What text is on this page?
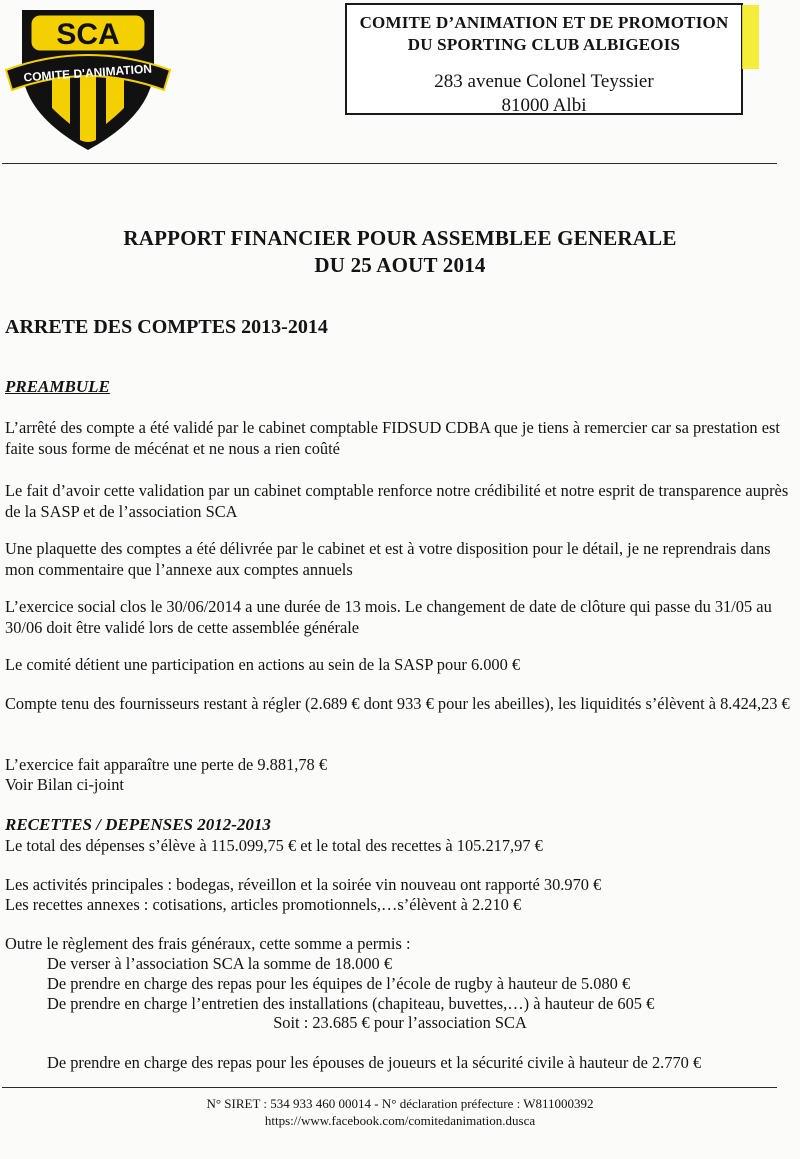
SCA
COMITE D'ANIMATION
COMITE D’ANIMATION ET DE PROMOTION
DU SPORTING CLUB ALBIGEOIS
283 avenue Colonel Teyssier
81000 Albi
RAPPORT FINANCIER POUR ASSEMBLEE GENERALE
DU 25 AOUT 2014
ARRETE DES COMPTES 2013-2014
PREAMBULE
L’arrêté des compte a été validé par le cabinet comptable FIDSUD CDBA que je tiens à remercier car sa prestation est faite sous forme de mécénat et ne nous a rien coûté
Le fait d’avoir cette validation par un cabinet comptable renforce notre crédibilité et notre esprit de transparence auprès de la SASP et de l’association SCA
Une plaquette des comptes a été délivrée par le cabinet et est à votre disposition pour le détail, je ne reprendrais dans mon commentaire que l’annexe aux comptes annuels
L’exercice social clos le 30/06/2014 a une durée de 13 mois. Le changement de date de clôture qui passe du 31/05 au 30/06 doit être validé lors de cette assemblée générale
Le comité détient une participation en actions au sein de la SASP pour 6.000 €
Compte tenu des fournisseurs restant à régler (2.689 € dont 933 € pour les abeilles), les liquidités s’élèvent à 8.424,23 €
L’exercice fait apparaître une perte de 9.881,78 €
Voir Bilan ci-joint
RECETTES / DEPENSES 2012-2013
Le total des dépenses s’élève à 115.099,75 € et le total des recettes à 105.217,97 €
Les activités principales : bodegas, réveillon et la soirée vin nouveau ont rapporté 30.970 €
Les recettes annexes : cotisations, articles promotionnels,…s’élèvent à 2.210 €
Outre le règlement des frais généraux, cette somme a permis :
De verser à l’association SCA la somme de 18.000 €
De prendre en charge des repas pour les équipes de l’école de rugby à hauteur de 5.080 €
De prendre en charge l’entretien des installations (chapiteau, buvettes,…) à hauteur de 605 €
Soit : 23.685 € pour l’association SCA
De prendre en charge des repas pour les épouses de joueurs et la sécurité civile à hauteur de 2.770 €
N° SIRET : 534 933 460 00014 - N° déclaration préfecture : W811000392
https://www.facebook.com/comitedanimation.dusca
